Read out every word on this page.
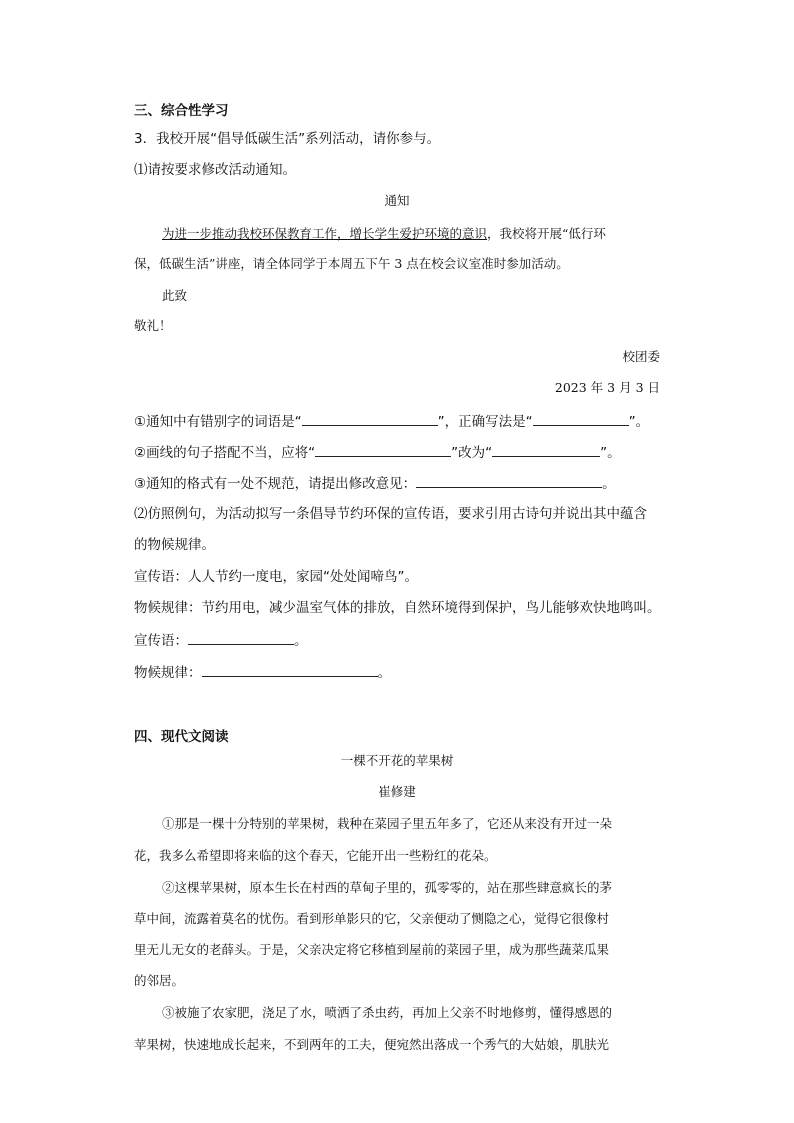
三、综合性学习
3．我校开展“倡导低碳生活”系列活动，请你参与。
⑴请按要求修改活动通知。
通知
为进一步推动我校环保教育工作，增长学生爱护环境的意识，我校将开展“低行环
保，低碳生活”讲座，请全体同学于本周五下午 3 点在校会议室准时参加活动。
此致
敬礼！
校团委
2023 年 3 月 3 日
①通知中有错别字的词语是“	”，正确写法是“	”。
②画线的句子搭配不当，应将“	”改为“	”。
③通知的格式有一处不规范，请提出修改意见：	。
⑵仿照例句，为活动拟写一条倡导节约环保的宣传语，要求引用古诗句并说出其中蕴含
的物候规律。
宣传语：人人节约一度电，家园“处处闻啼鸟”。
物候规律：节约用电，减少温室气体的排放，自然环境得到保护，鸟儿能够欢快地鸣叫。
宣传语：	。
物候规律：	。
四、现代文阅读
一棵不开花的苹果树
崔修建
①那是一棵十分特别的苹果树，栽种在菜园子里五年多了，它还从来没有开过一朵
花，我多么希望即将来临的这个春天，它能开出一些粉红的花朵。
②这棵苹果树，原本生长在村西的草甸子里的，孤零零的，站在那些肆意疯长的茅
草中间，流露着莫名的忧伤。看到形单影只的它，父亲便动了恻隐之心，觉得它很像村
里无儿无女的老薛头。于是，父亲决定将它移植到屋前的菜园子里，成为那些蔬菜瓜果
的邻居。
③被施了农家肥，浇足了水，喷洒了杀虫药，再加上父亲不时地修剪，懂得感恩的
苹果树，快速地成长起来，不到两年的工夫，便宛然出落成一个秀气的大姑娘，肌肤光
